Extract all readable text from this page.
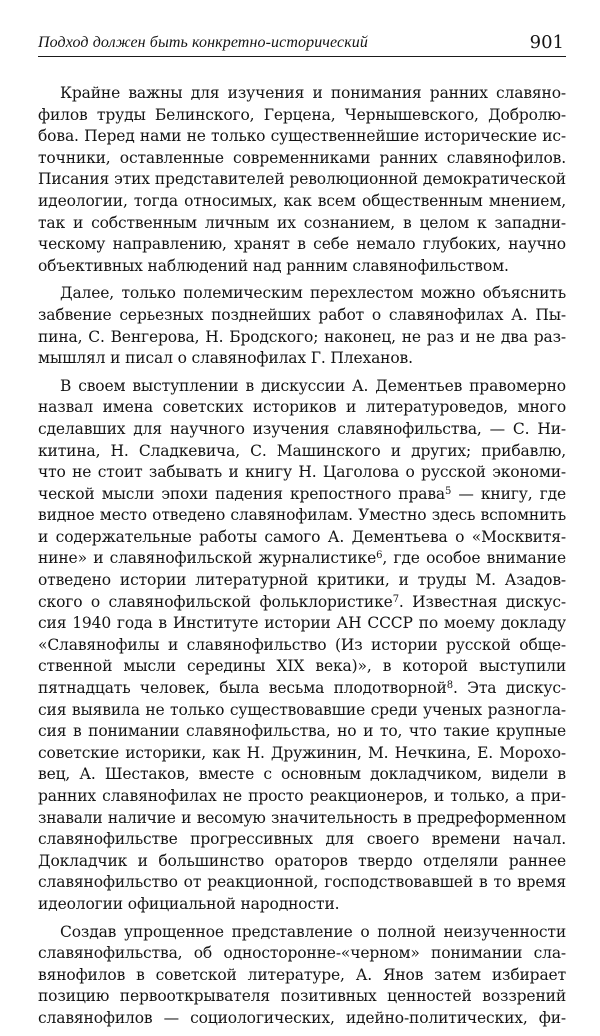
Подход должен быть конкретно-исторический	901
Крайне важны для изучения и понимания ранних славяно-
филов труды Белинского, Герцена, Чернышевского, Добролю-
бова. Перед нами не только существеннейшие исторические ис-
точники, оставленные современниками ранних славянофилов.
Писания этих представителей революционной демократической
идеологии, тогда относимых, как всем общественным мнением,
так и собственным личным их сознанием, в целом к западни-
ческому направлению, хранят в себе немало глубоких, научно
объективных наблюдений над ранним славянофильством.
Далее, только полемическим перехлестом можно объяснить
забвение серьезных позднейших работ о славянофилах А. Пы-
пина, С. Венгерова, Н. Бродского; наконец, не раз и не два раз-
мышлял и писал о славянофилах Г. Плеханов.
В своем выступлении в дискуссии А. Дементьев правомерно
назвал имена советских историков и литературоведов, много
сделавших для научного изучения славянофильства, — С. Ни-
китина, Н. Сладкевича, С. Машинского и других; прибавлю,
что не стоит забывать и книгу Н. Цаголова о русской экономи-
ческой мысли эпохи падения крепостного права$^5$ — книгу, где
видное место отведено славянофилам. Уместно здесь вспомнить
и содержательные работы самого А. Дементьева о «Москвитя-
нине» и славянофильской журналистике$^6$, где особое внимание
отведено истории литературной критики, и труды М. Азадов-
ского о славянофильской фольклористике$^7$. Известная дискус-
сия 1940 года в Институте истории АН СССР по моему докладу
«Славянофилы и славянофильство (Из истории русской обще-
ственной мысли середины XIX века)», в которой выступили
пятнадцать человек, была весьма плодотворной$^8$. Эта дискус-
сия выявила не только существовавшие среди ученых разногла-
сия в понимании славянофильства, но и то, что такие крупные
советские историки, как Н. Дружинин, М. Нечкина, Е. Морохо-
вец, А. Шестаков, вместе с основным докладчиком, видели в
ранних славянофилах не просто реакционеров, и только, а при-
знавали наличие и весомую значительность в предреформенном
славянофильстве прогрессивных для своего времени начал.
Докладчик и большинство ораторов твердо отделяли раннее
славянофильство от реакционной, господствовавшей в то время
идеологии официальной народности.
Создав упрощенное представление о полной неизученности
славянофильства, об односторонне-«черном» понимании сла-
вянофилов в советской литературе, А. Янов затем избирает
позицию первооткрывателя позитивных ценностей воззрений
славянофилов — социологических, идейно-политических, фи-
